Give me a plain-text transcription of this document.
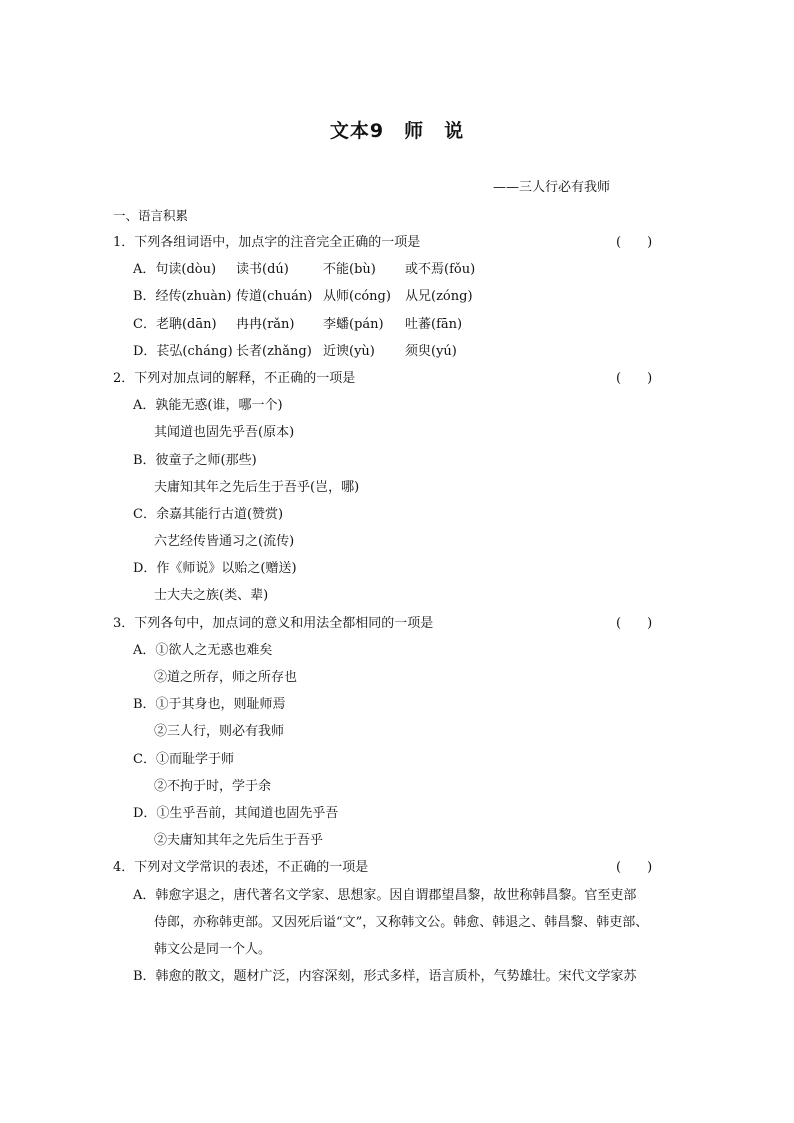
文本9　师　说
——三人行必有我师
一、语言积累
1．下列各组词语中，加点字的注音完全正确的一项是	(　　)
A．句读(dòu) 读书(dú)	不能(bù) 或不焉(fǒu)
B．经传(zhuàn) 传道(chuán) 从师(cóng) 从兄(zóng)
C．老聃(dān) 冉冉(rǎn) 李蟠(pán) 吐蕃(fān)
D．苌弘(cháng) 长者(zhǎng) 近谀(yù) 须臾(yú)
2．下列对加点词的解释，不正确的一项是	(　　)
A．孰能无惑(谁，哪一个)
其闻道也固先乎吾(原本)
B．彼童子之师(那些)
夫庸知其年之先后生于吾乎(岂，哪)
C．余嘉其能行古道(赞赏)
六艺经传皆通习之(流传)
D．作《师说》以贻之(赠送)
士大夫之族(类、辈)
3．下列各句中，加点词的意义和用法全都相同的一项是	(　　)
A．①欲人之无惑也难矣
②道之所存，师之所存也
B．①于其身也，则耻师焉
②三人行，则必有我师
C．①而耻学于师
②不拘于时，学于余
D．①生乎吾前，其闻道也固先乎吾
②夫庸知其年之先后生于吾乎
4．下列对文学常识的表述，不正确的一项是	(　　)
A．韩愈字退之，唐代著名文学家、思想家。因自谓郡望昌黎，故世称韩昌黎。官至吏部
侍郎，亦称韩吏部。又因死后谥“文”，又称韩文公。韩愈、韩退之、韩昌黎、韩吏部、
韩文公是同一个人。
B．韩愈的散文，题材广泛，内容深刻，形式多样，语言质朴，气势雄壮。宋代文学家苏
